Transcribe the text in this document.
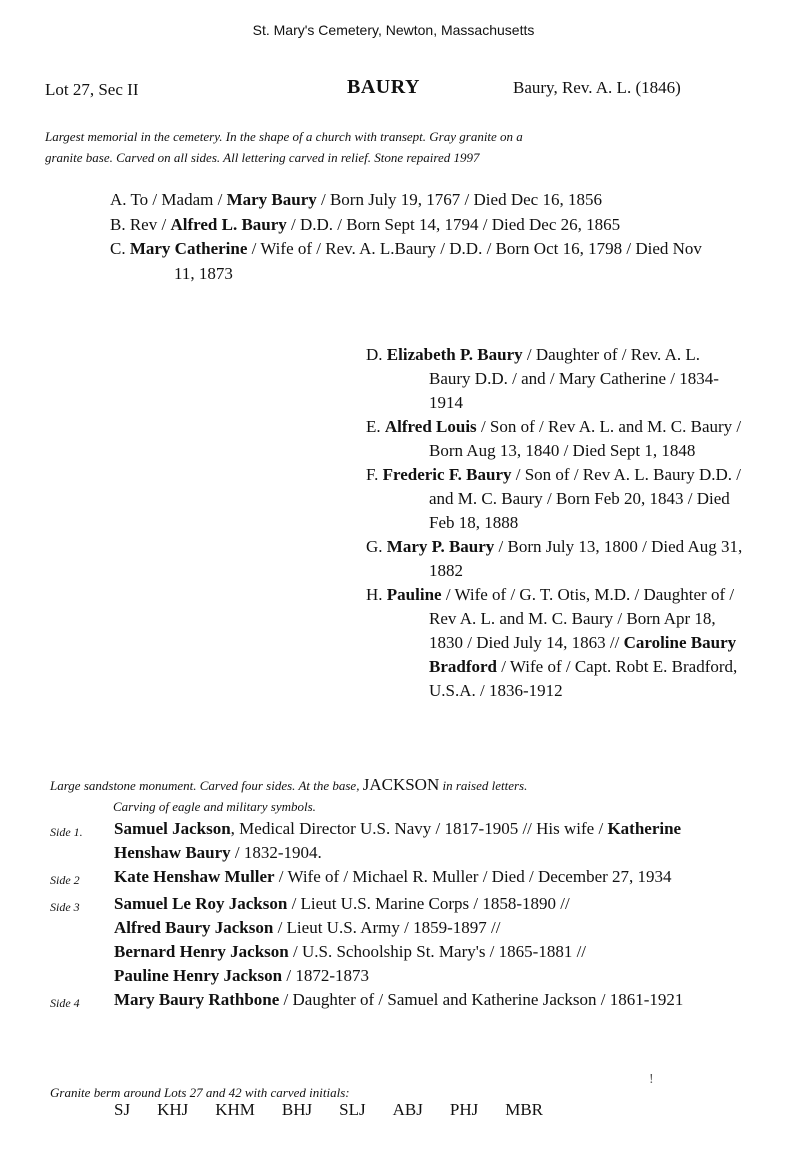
St. Mary's Cemetery, Newton, Massachusetts
Lot 27, Sec II	BAURY	Baury, Rev. A. L. (1846)
Largest memorial in the cemetery. In the shape of a church with transept. Gray granite on a
granite base. Carved on all sides. All lettering carved in relief. Stone repaired 1997
A. To / Madam / Mary Baury / Born July 19, 1767 / Died Dec 16, 1856
B. Rev / Alfred L. Baury / D.D. / Born Sept 14, 1794 / Died Dec 26, 1865
C. Mary Catherine / Wife of / Rev. A. L.Baury / D.D. / Born Oct 16, 1798 / Died Nov 11, 1873
D. Elizabeth P. Baury / Daughter of / Rev. A. L. Baury D.D. / and / Mary Catherine / 1834-1914
E. Alfred Louis / Son of / Rev A. L. and M. C. Baury / Born Aug 13, 1840 / Died Sept 1, 1848
F. Frederic F. Baury / Son of / Rev A. L. Baury D.D. / and M. C. Baury / Born Feb 20, 1843 / Died Feb 18, 1888
G. Mary P. Baury / Born July 13, 1800 / Died Aug 31, 1882
H. Pauline / Wife of / G. T. Otis, M.D. / Daughter of / Rev A. L. and M. C. Baury / Born Apr 18, 1830 / Died July 14, 1863 // Caroline Baury Bradford / Wife of / Capt. Robt E. Bradford, U.S.A. / 1836-1912
Large sandstone monument. Carved four sides. At the base, JACKSON in raised letters.
Carving of eagle and military symbols.
Side 1.	Samuel Jackson, Medical Director U.S. Navy / 1817-1905 // His wife / Katherine Henshaw Baury / 1832-1904.
Side 2	Kate Henshaw Muller / Wife of / Michael R. Muller / Died / December 27, 1934
Side 3	Samuel Le Roy Jackson / Lieut U.S. Marine Corps / 1858-1890 //
Alfred Baury Jackson / Lieut U.S. Army / 1859-1897 //
Bernard Henry Jackson / U.S. Schoolship St. Mary's / 1865-1881 //
Pauline Henry Jackson / 1872-1873
Side 4	Mary Baury Rathbone / Daughter of / Samuel and Katherine Jackson / 1861-1921
Granite berm around Lots 27 and 42 with carved initials:
SJ KHJ KHM BHJ SLJ ABJ PHJ MBR
!
